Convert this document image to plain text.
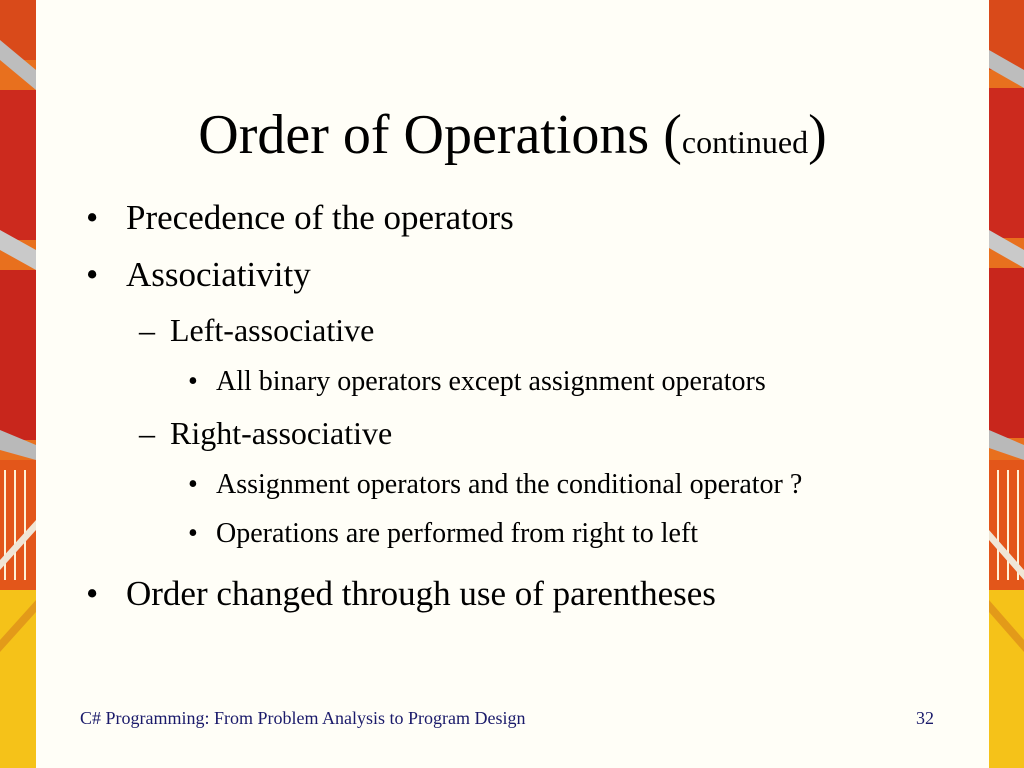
Order of Operations (continued)
• Precedence of the operators
• Associativity
– Left-associative
• All binary operators except assignment operators
– Right-associative
• Assignment operators and the conditional operator ?
• Operations are performed from right to left
• Order changed through use of parentheses
C# Programming: From Problem Analysis to Program Design	32
